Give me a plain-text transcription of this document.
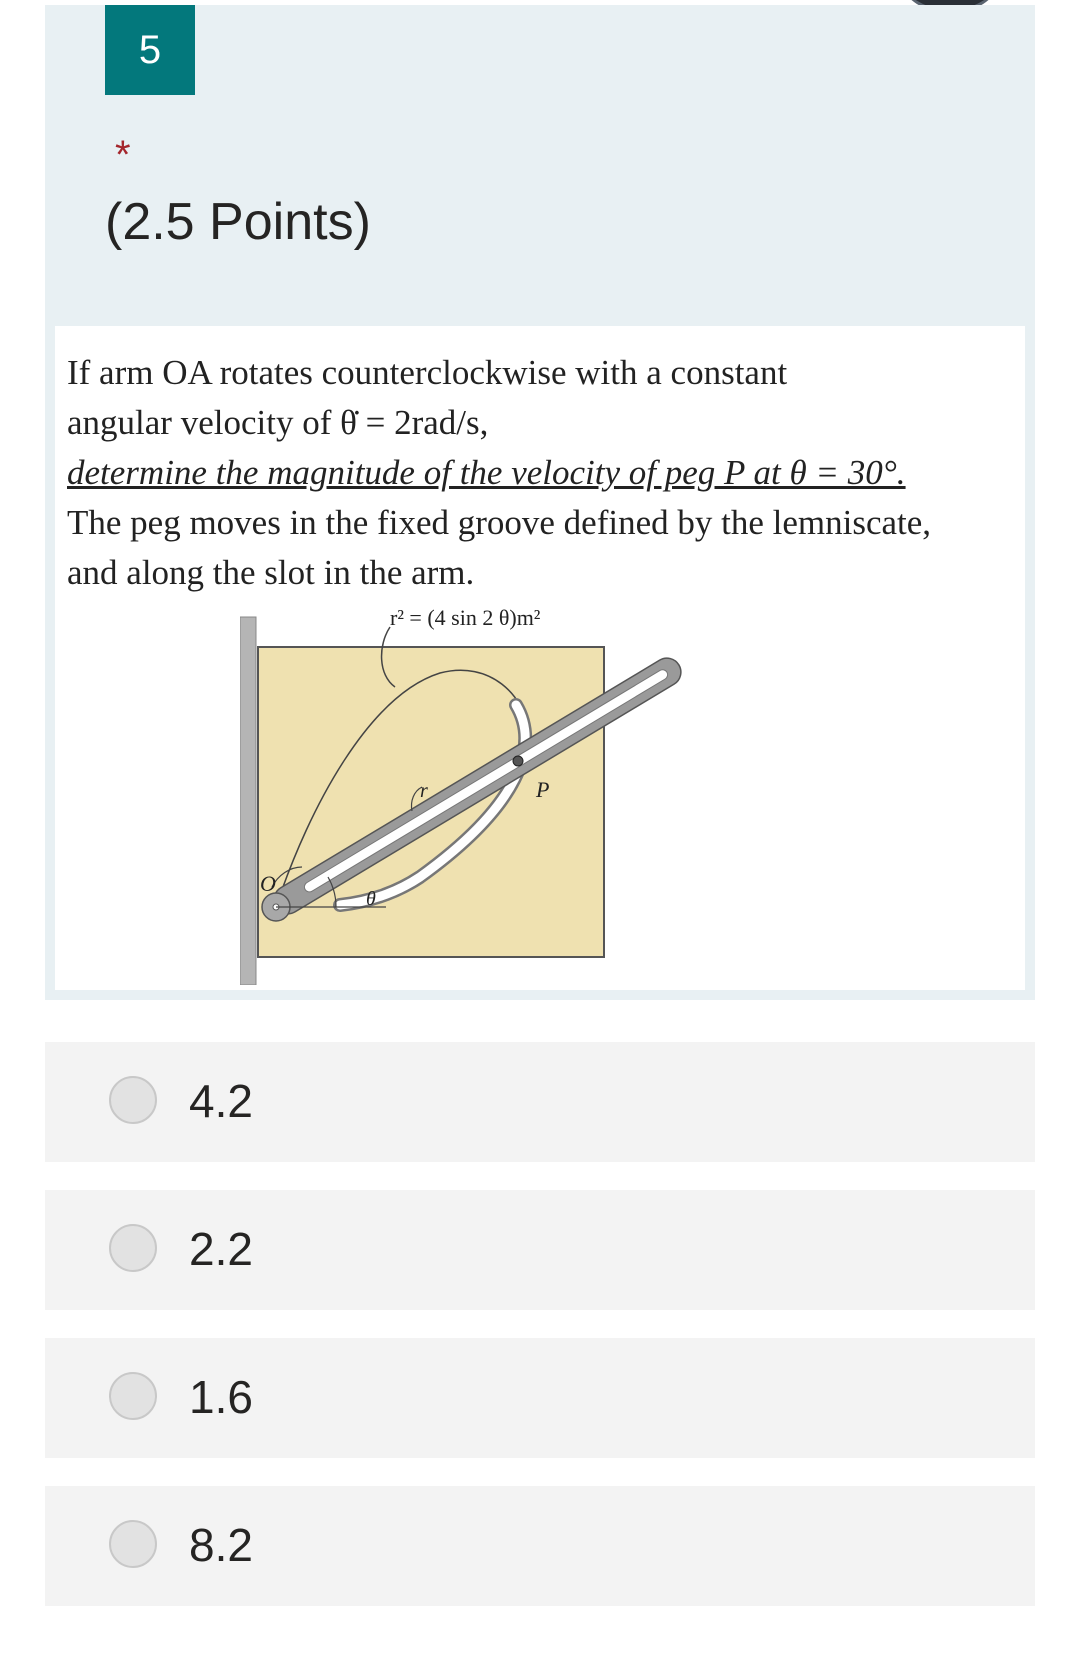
5
*
(2.5 Points)
If arm OA rotates counterclockwise with a constant
angular velocity of θ̇ = 2rad/s,
determine the magnitude of the velocity of peg P at θ = 30°.
The peg moves in the fixed groove defined by the lemniscate,
and along the slot in the arm.
r² = (4 sin 2 θ)m²
O
r	P
θ
4.2
2.2
1.6
8.2
